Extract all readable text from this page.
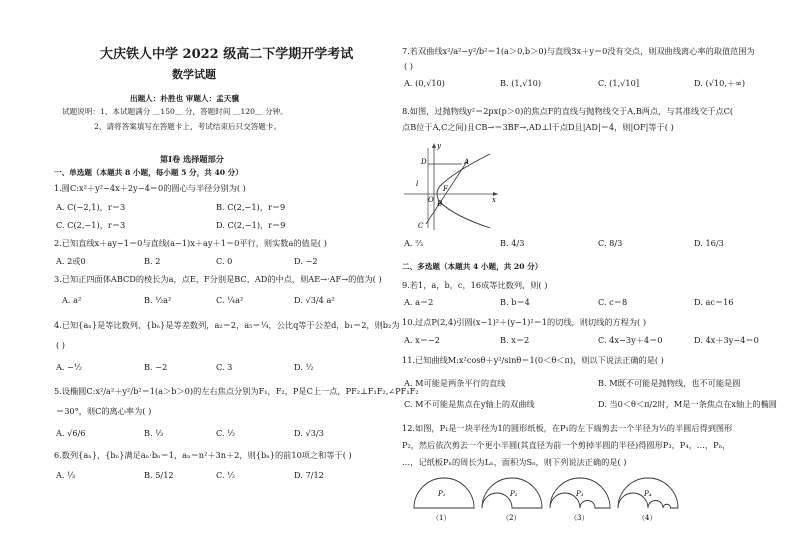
大庆铁人中学 2022 级高二下学期开学考试
数学试题
出题人：朴胜也 审题人：孟天骥
试题说明：1、本试题满分 ＿150＿ 分，答题时间 ＿120＿ 分钟。
2、请将答案填写在答题卡上，考试结束后只交答题卡。
第Ⅰ卷 选择题部分
一、单选题（本题共 8 小题，每小题 5 分，共 40 分）
1.圆C:x²＋y²−4x＋2y−4＝0的圆心与半径分别为( )
A. C(−2,1)，r＝3	B. C(2,−1)，r＝9
C. C(2,−1)，r＝3	D. C(2,−1)，r＝9
2.已知直线x＋ay−1＝0与直线(a−1)x＋ay＋1＝0平行，则实数a的值是( )
A. 2或0	B. 2	C. 0	D. −2
3.已知正四面体ABCD的棱长为a，点E，F分别是BC，AD的中点，则AE→·AF→的值为( )
A. a²	B. ½a²	C. ¼a²	D. √3/4 a²
4.已知{aₙ}是等比数列，{bₙ}是等差数列，a₂＝2，a₅＝¼，公比q等于公差d，b₁＝2，则b₂为
( )
A. −½	B. −2	C. 3	D. ½
5.设椭圆C:x²/a²＋y²/b²＝1(a＞b＞0)的左右焦点分别为F₁，F₂，P是C上一点，PF₂⊥F₁F₂,∠PF₁F₂
＝30°，则C的离心率为( )
A. √6/6	B. ⅓	C. ½	D. √3/3
6.数列{aₙ}，{bₙ}满足aₙ·bₙ＝1，aₙ＝n²＋3n＋2，则{bₙ}的前10项之和等于( )
A. ⅓	B. 5/12	C. ½	D. 7/12
7.若双曲线x²/a²−y²/b²＝1(a＞0,b＞0)与直线3x＋y＝0没有交点，则双曲线离心率的取值范围为
( )
A. (0,√10)	B. (1,√10)	C. (1,√10]	D. (√10,＋∞)
8.如图，过抛物线y²＝2px(p＞0)的焦点F的直线与抛物线交于A,B两点，与其准线交于点C(
点B位于A,C之间)且CB→＝3BF→,AD⊥l于点D且|AD|＝4，则|OF|等于( )
A
D
y
F
O	x
B
C
l
A. ⅔	B. 4/3	C. 8/3	D. 16/3
二、多选题（本题共 4 小题，共 20 分）
9.若1，a，b，c，16成等比数列，则( )
A. a＝2	B. b＝4	C. c＝8	D. ac＝16
10.过点P(2,4)引圆(x−1)²＋(y−1)²＝1的切线，则切线的方程为( )
A. x＝−2	B. x＝2	C. 4x−3y＋4＝0	D. 4x＋3y−4＝0
11.已知曲线M:x²cosθ＋y²/sinθ＝1(0＜θ＜π)，则以下说法正确的是( )
A. M可能是两条平行的直线	B. M既不可能是抛物线，也不可能是圆
C. M不可能是焦点在y轴上的双曲线	D. 当0＜θ＜π/2时，M是一条焦点在x轴上的椭圆
12.如图，P₁是一块半径为1的圆形纸板，在P₁的左下端剪去一个半径为½的半圆后得到图形
P₂，然后依次剪去一个更小半圆(其直径为前一个剪掉半圆的半径)得圆形P₃，P₄，…，Pₙ，
…，记纸板Pₙ的周长为Lₙ，面积为Sₙ，则下列说法正确的是( )
P₁
（1）
P₂
（2）
P₃
（3）
P₄
（4）
